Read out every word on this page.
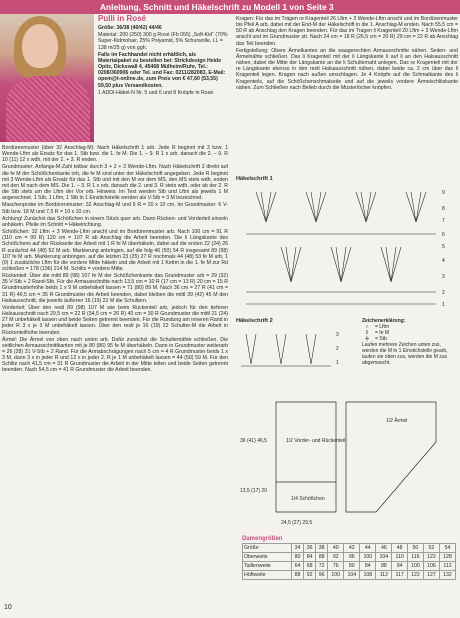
Anleitung, Schnitt und Häkelschrift zu Modell 1 von Seite 3
Pulli in Rosé

Größe: 36/38 (40/42) 44/46

Material: 200 (250) 300 g Rosé (Fb 055) „Soft-Kid“ (70% Super-Kidmohair, 25% Polyamid, 5% Schurwolle, LL = 138 m/25 g) von ggh.

Falls im Fachhandel nicht erhältlich, als Materialpaket zu bestellen bei: Strickdesign Heide Opitz, Dickswall 4, 45468 Mülheim/Ruhr, Tel.: 0208/360906 oder Tel. und Fax: 0211/282083, E-Mail: opem@t-online.de, zum Preis von € 47,60 (53,55) 59,50 plus Versandkosten.

1 ADDI-Häkel-N Nr. 5 und 6 und 8 Knöpfe in Rosé.

Bordürenmuster (über 32 Anschlag-M): Nach Häkelschrift 1 arb. Jede R beginnt mit 3 bzw. 1 Wende-Lftm als Ersatz für das 1. Stb bzw. die 1. fe M. Die 1. – 9. R 1 x arb, danach die 2. – 9. R 10 (11) 12 x wdh, mit der 2. + 3. R enden.

Grundmuster: Anfangs-M-Zahl teilbar durch 3 + 2 + 3 Wende-Lftm. Nach Häkelschrift 2 direkt auf die fe M der Schößchenkante orb, die fe M sind unter der Häkelschrift angegeben. Jede R beginnt mit 3 Wende-Lftm als Ersatz für das 1. Stb und mit den M vor dem MS, den MS stets wdh, enden mit den M nach dem MS. Die 1. – 3. R 1 x orb, danach die 2. und 3. R stets wdh, oder ab der 2. R die Stb stets um die Lftm der Vor orb. Hinweis: Im Text werden Stb und Lftm als jeweils 1 M angerechnet. 1 Stb, 1 Lftm, 1 Stb in 1 Einstichstelle werden als V-Stb = 3 M bezeichnet.

Maschenprobe im Bordürenmuster: 32 Anschlag-M und 9 R = 20 x 10 cm. Im Grundmuster: 6 V-Stb bzw. 18 M und 7,5 R = 10 x 10 cm.

Achtung! Zunächst das Schößchen in einem Stück quer arb. Dann Rücken- und Vorderteil einzeln anhäkeln. Pfeile im Schnitt = Häkelrichtung.

Schößchen: 32 Lftm + 3 Wende-Lftm anschl und im Bordürenmuster arb. Nach 100 cm = 91 R (110 cm = 99 R) 120 cm = 107 R ab Anschlag die Arbeit beenden. Die li Längskante des Schößchens auf der Rückseite der Arbeit mit 1 R fe M überhäkeln, dabei auf die ersten 22 (24) 26 R zunächst 44 (48) 52 M arb. Markierung anbringen, auf die folg 46 (50) 54 R insgesamt 89 (98) 107 fe M arb. Markierung anbringen, auf die letzten 23 (25) 27 R nochmals 44 (48) 53 fe M arb, 1 (0) 1 zusätzliche Lftm für die vordere Mitte häkeln und die Arbeit mit 1 Kettm in die 1. fe M zur Rd schließen = 178 (196) 214 M. Schlitz = vordere Mitte.

Rückenteil: Über die mittl 89 (98) 107 fe M der Schößchenkante das Grundmuster arb = 29 (32) 35 V-Stb + 2 Rand-Stb. Für die Armausschnitte nach 13,5 cm = 10 R (17 cm = 13 R) 20 cm = 15 R Grundmusterhöhe beids 1 x 9 M unbehäkelt lassen = 71 (80) 89 M. Nach 36 cm = 27 R (41 cm = 31 R) 46,5 cm = 35 R Grundmuster die Arbeit beenden, dabei bleiben die mittl 39 (42) 45 M den Halsausschnitt, die jeweils äußeren 16 (19) 22 M die Schultern.

Vorderteil: Über den restl 89 (98) 107 M wie beim Rückenteil arb, jedoch für den tieferen Halsausschnitt nach 29,5 cm = 22 R (34,5 cm = 26 R) 40 cm = 30 R Grundmuster die mittl 21 (24) 27 M unbehäkelt lassen und beide Seiten getrennt beenden. Für die Rundung am inneren Rand in jeder R 3 x je 3 M unbehäkelt lassen. Über den restl je 16 (19) 22 Schulter-M die Arbeit in Rückenteilhöhe beenden.

Ärmel: Die Ärmel von oben nach unten arb. Dafür zunächst die Schulternähte schließen. Die seitlichen Armausschnittkanten mit je 80 (86) 95 fe M überhäkeln. Dann in Grundmuster weiterarb = 26 (28) 31 V-Stb + 2 Rand. Für die Armabschrägungen nach 5 cm = 4 R Grundmuster beids 1 x 3 M, dann 3 x in jeder R und 12 x in jeder 2. R je 1 M unbehäkelt lassen = 44 (50) 59 M. Für den Schlitz nach 41,5 cm = 31 R Grundmuster die Arbeit in der Mitte teilen und beide Seiten getrennt beenden. Nach 54,5 cm = 41 R Grundmuster die Arbeit beenden.

Kragen: Für das im Trägen re Kragenteil 26 Lftm + 3 Wende-Lftm anschl und im Bordürenmuster bis Pfeil A arb, dabei mit der End-M der Häkelschrift in die 1. Anschlag-M enden. Nach 55,5 cm = 50 R ab Anschlag den Kragen beenden. Für das im Tragen li Kragenteil 20 Lftm + 3 Wende-Lftm anschl und im Grundmuster str. Nach 24 cm = 18 R (26,5 cm = 20 R) 29 cm = 22 R ab Anschlag das Teil beenden.

Fertigstellung: Obere Ärmelkanten an die waagerechten Armausschnitte nähen. Seiten- und Ärmelnähte schließen. Das li Kragenteil mit der li Längskante li auf li an den Halsausschnitt nähen, dabei die Mitte der Längskante an die li Schulternaht anlegen. Das re Kragenteil mit der re Längskante ebenso in den restl Halsausschnitt nähen, dabei beide ca. 2 cm über das li Kragenteil legen. Kragen nach außen umschlagen. Je 4 Knöpfe auf die Schmalkante des li Kragenteils, auf die Schößchenschmalseite und auf die jeweils vordere Ärmelschlitzkante nähen. Zum Schließen nach Belieb durch die Musterlöcher knöpfen.

Häkelschrift 1
9
8
7
6
5
4
3
2
1
Häkelschrift 2
3
2
1
Zeichenerklärung:
○	= Lftm
I	= fe M
╪	= Stb
Laufen mehrere Zeichen unten zus, werden die M in 1 Einstichstelle gearb, laufen sie oben zus, werden die M zus abgemascht.
1/2 Vorder- und Rückenteil
1/2 Ärmel
1/4 Schößchen
24,5 (27) 29,5
13,5 (17) 20
36 (41) 46,5
Damengrößen
Größe	34	36	38	40	42	44	46	48	50	52	54
Oberweite	80	84	88	92	96	100	104	110	116	122	128
Taillenweite	64	68	72	76	80	84	88	94	100	106	112
Hüftweite	88	92	96	100	104	108	112	117	122	127	132
10
